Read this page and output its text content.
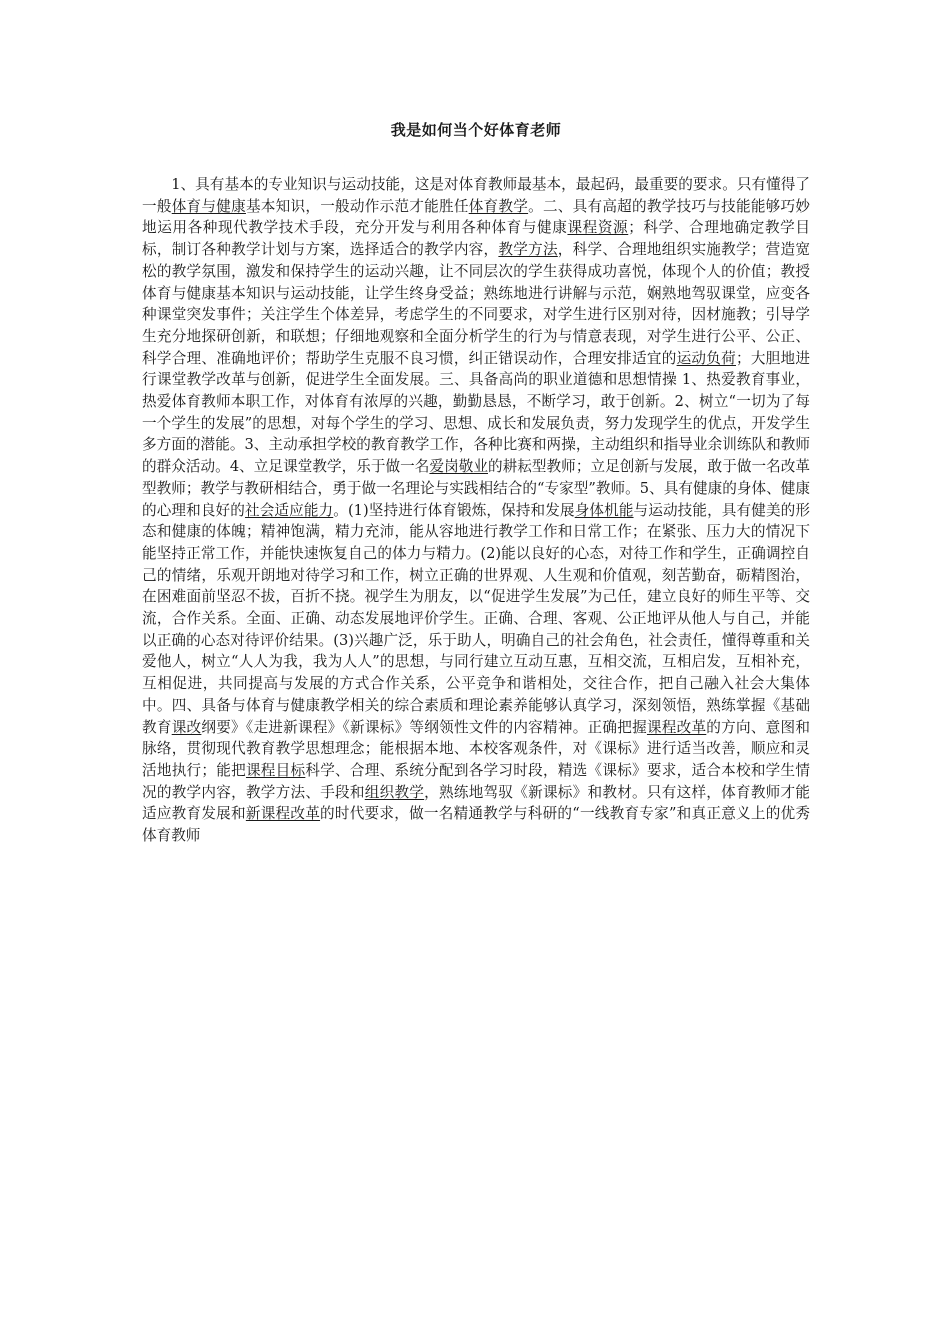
我是如何当个好体育老师

1、具有基本的专业知识与运动技能，这是对体育教师最基本，最起码，最重要的要求。只有懂得了一般体育与健康基本知识，一般动作示范才能胜任体育教学。二、具有高超的教学技巧与技能能够巧妙地运用各种现代教学技术手段，充分开发与利用各种体育与健康课程资源；科学、合理地确定教学目标，制订各种教学计划与方案，选择适合的教学内容，教学方法，科学、合理地组织实施教学；营造宽松的教学氛围，激发和保持学生的运动兴趣，让不同层次的学生获得成功喜悦，体现个人的价值；教授体育与健康基本知识与运动技能，让学生终身受益；熟练地进行讲解与示范，娴熟地驾驭课堂，应变各种课堂突发事件；关注学生个体差异，考虑学生的不同要求，对学生进行区别对待，因材施教；引导学生充分地探研创新，和联想；仔细地观察和全面分析学生的行为与情意表现，对学生进行公平、公正、科学合理、准确地评价；帮助学生克服不良习惯，纠正错误动作，合理安排适宜的运动负荷；大胆地进行课堂教学改革与创新，促进学生全面发展。三、具备高尚的职业道德和思想情操 1、热爱教育事业，热爱体育教师本职工作，对体育有浓厚的兴趣，勤勤恳恳，不断学习，敢于创新。2、树立“一切为了每一个学生的发展”的思想，对每个学生的学习、思想、成长和发展负责，努力发现学生的优点，开发学生多方面的潜能。3、主动承担学校的教育教学工作，各种比赛和两操，主动组织和指导业余训练队和教师的群众活动。4、立足课堂教学，乐于做一名爱岗敬业的耕耘型教师；立足创新与发展，敢于做一名改革型教师；教学与教研相结合，勇于做一名理论与实践相结合的“专家型”教师。5、具有健康的身体、健康的心理和良好的社会适应能力。(1)坚持进行体育锻炼，保持和发展身体机能与运动技能，具有健美的形态和健康的体魄；精神饱满，精力充沛，能从容地进行教学工作和日常工作；在紧张、压力大的情况下能坚持正常工作，并能快速恢复自己的体力与精力。(2)能以良好的心态，对待工作和学生，正确调控自己的情绪，乐观开朗地对待学习和工作，树立正确的世界观、人生观和价值观，刻苦勤奋，砺精图治，在困难面前坚忍不拔，百折不挠。视学生为朋友，以“促进学生发展”为己任，建立良好的师生平等、交流，合作关系。全面、正确、动态发展地评价学生。正确、合理、客观、公正地评从他人与自己，并能以正确的心态对待评价结果。(3)兴趣广泛，乐于助人，明确自己的社会角色，社会责任，懂得尊重和关爱他人，树立“人人为我，我为人人”的思想，与同行建立互动互惠，互相交流，互相启发，互相补充，互相促进，共同提高与发展的方式合作关系，公平竞争和谐相处，交往合作，把自己融入社会大集体中。四、具备与体育与健康教学相关的综合素质和理论素养能够认真学习，深刻领悟，熟练掌握《基础教育课改纲要》《走进新课程》《新课标》等纲领性文件的内容精神。正确把握课程改革的方向、意图和脉络，贯彻现代教育教学思想理念；能根据本地、本校客观条件，对《课标》进行适当改善，顺应和灵活地执行；能把课程目标科学、合理、系统分配到各学习时段，精选《课标》要求，适合本校和学生情况的教学内容，教学方法、手段和组织教学，熟练地驾驭《新课标》和教材。只有这样，体育教师才能适应教育发展和新课程改革的时代要求，做一名精通教学与科研的“一线教育专家”和真正意义上的优秀体育教师
